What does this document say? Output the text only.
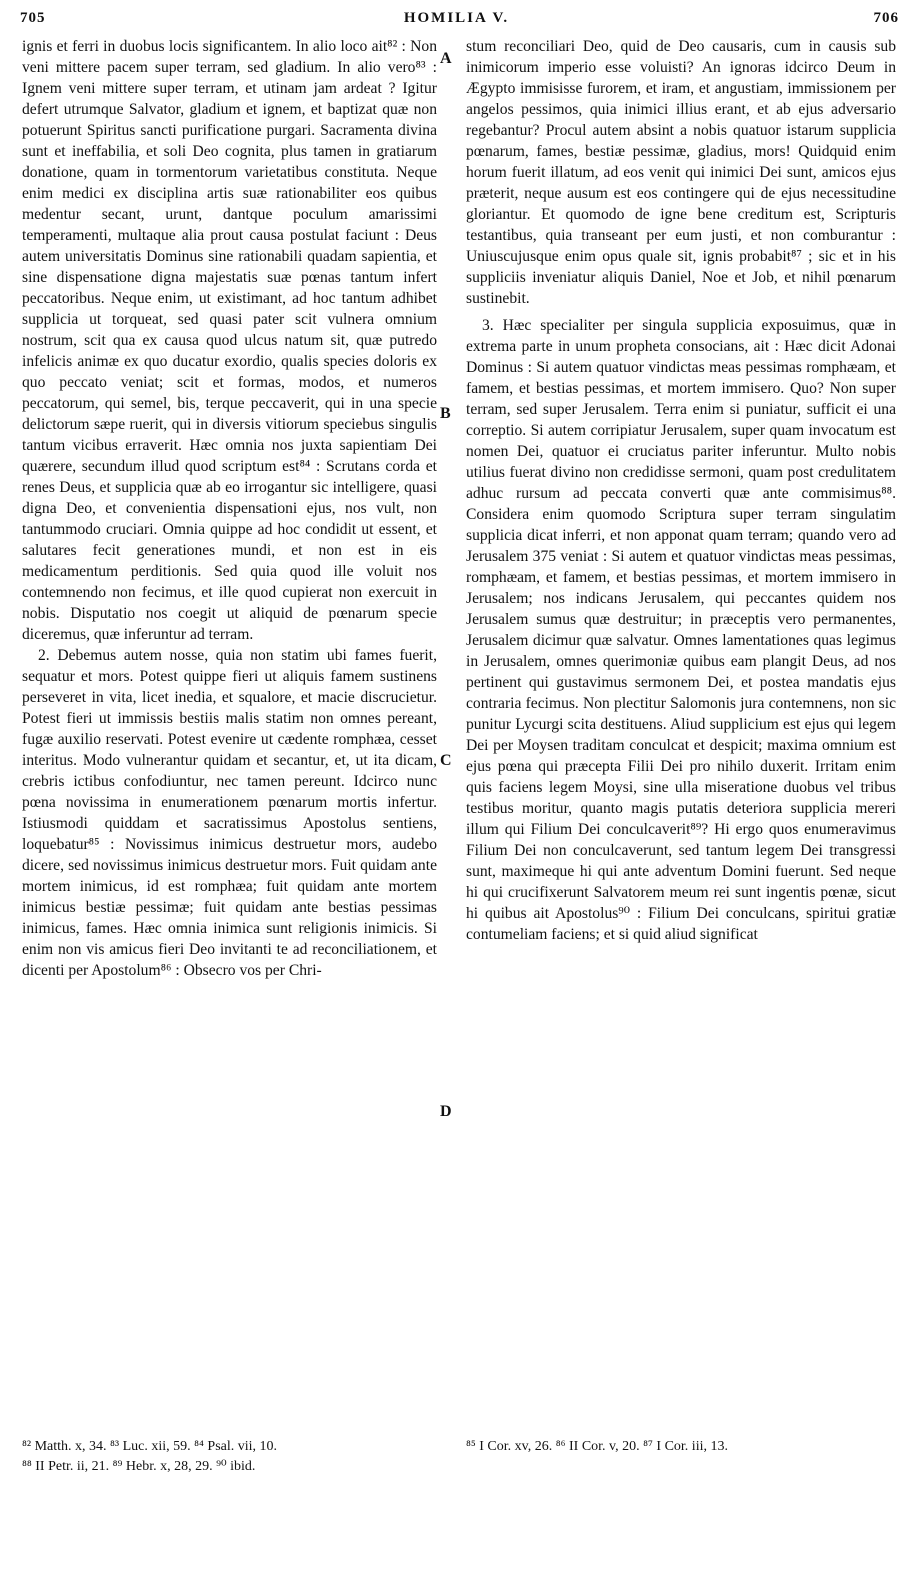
705	HOMILIA V.	706

ignis et ferri in duobus locis significantem. In alio loco ait⁸² : Non veni mittere pacem super terram, sed gladium. In alio vero⁸³ : Ignem veni mittere super terram, et utinam jam ardeat ? Igitur defert utrumque Salvator, gladium et ignem, et baptizat quæ non potuerunt Spiritus sancti purificatione purgari. Sacramenta divina sunt et ineffabilia, et soli Deo cognita, plus tamen in gratiarum donatione, quam in tormentorum varietatibus constituta. Neque enim medici ex disciplina artis suæ rationabiliter eos quibus medentur secant, urunt, dantque poculum amarissimi temperamenti, multaque alia prout causa postulat faciunt : Deus autem universitatis Dominus sine rationabili quadam sapientia, et sine dispensatione digna majestatis suæ pœnas tantum infert peccatoribus. Neque enim, ut existimant, ad hoc tantum adhibet supplicia ut torqueat, sed quasi pater scit vulnera omnium nostrum, scit qua ex causa quod ulcus natum sit, quæ putredo infelicis animæ ex quo ducatur exordio, qualis species doloris ex quo peccato veniat; scit et formas, modos, et numeros peccatorum, qui semel, bis, terque peccaverit, qui in una specie delictorum sæpe ruerit, qui in diversis vitiorum speciebus singulis tantum vicibus erraverit. Hæc omnia nos juxta sapientiam Dei quærere, secundum illud quod scriptum est⁸⁴ : Scrutans corda et renes Deus, et supplicia quæ ab eo irrogantur sic intelligere, quasi digna Deo, et convenientia dispensationi ejus, nos vult, non tantummodo cruciari. Omnia quippe ad hoc condidit ut essent, et salutares fecit generationes mundi, et non est in eis medicamentum perditionis. Sed quia quod ille voluit nos contemnendo non fecimus, et ille quod cupierat non exercuit in nobis. Disputatio nos coegit ut aliquid de pœnarum specie diceremus, quæ inferuntur ad terram.

2. Debemus autem nosse, quia non statim ubi fames fuerit, sequatur et mors. Potest quippe fieri ut aliquis famem sustinens perseveret in vita, licet inedia, et squalore, et macie discrucietur. Potest fieri ut immissis bestiis malis statim non omnes pereant, fugæ auxilio reservati. Potest evenire ut cædente romphæa, cesset interitus. Modo vulnerantur quidam et secantur, et, ut ita dicam, crebris ictibus confodiuntur, nec tamen pereunt. Idcirco nunc pœna novissima in enumerationem pœnarum mortis infertur. Istiusmodi quiddam et sacratissimus Apostolus sentiens, loquebatur⁸⁵ : Novissimus inimicus destruetur mors, audebo dicere, sed novissimus inimicus destruetur mors. Fuit quidam ante mortem inimicus, id est romphæa; fuit quidam ante mortem inimicus bestiæ pessimæ; fuit quidam ante bestias pessimas inimicus, fames. Hæc omnia inimica sunt religionis inimicis. Si enim non vis amicus fieri Deo invitanti te ad reconciliationem, et dicenti per Apostolum⁸⁶ : Obsecro vos per Chri-

A
B
C
D

stum reconciliari Deo, quid de Deo causaris, cum in causis sub inimicorum imperio esse voluisti? An ignoras idcirco Deum in Ægypto immisisse furorem, et iram, et angustiam, immissionem per angelos pessimos, quia inimici illius erant, et ab ejus adversario regebantur? Procul autem absint a nobis quatuor istarum supplicia pœnarum, fames, bestiæ pessimæ, gladius, mors! Quidquid enim horum fuerit illatum, ad eos venit qui inimici Dei sunt, amicos ejus præterit, neque ausum est eos contingere qui de ejus necessitudine gloriantur. Et quomodo de igne bene creditum est, Scripturis testantibus, quia transeant per eum justi, et non comburantur : Uniuscujusque enim opus quale sit, ignis probabit⁸⁷ ; sic et in his suppliciis inveniatur aliquis Daniel, Noe et Job, et nihil pœnarum sustinebit.

3. Hæc specialiter per singula supplicia exposuimus, quæ in extrema parte in unum propheta consocians, ait : Hæc dicit Adonai Dominus : Si autem quatuor vindictas meas pessimas romphæam, et famem, et bestias pessimas, et mortem immisero. Quo? Non super terram, sed super Jerusalem. Terra enim si puniatur, sufficit ei una correptio. Si autem corripiatur Jerusalem, super quam invocatum est nomen Dei, quatuor ei cruciatus pariter inferuntur. Multo nobis utilius fuerat divino non credidisse sermoni, quam post credulitatem adhuc rursum ad peccata converti quæ ante commisimus⁸⁸. Considera enim quomodo Scriptura super terram singulatim supplicia dicat inferri, et non apponat quam terram; quando vero ad Jerusalem 375 veniat : Si autem et quatuor vindictas meas pessimas, romphæam, et famem, et bestias pessimas, et mortem immisero in Jerusalem; nos indicans Jerusalem, qui peccantes quidem nos Jerusalem sumus quæ destruitur; in præceptis vero permanentes, Jerusalem dicimur quæ salvatur. Omnes lamentationes quas legimus in Jerusalem, omnes querimoniæ quibus eam plangit Deus, ad nos pertinent qui gustavimus sermonem Dei, et postea mandatis ejus contraria fecimus. Non plectitur Salomonis jura contemnens, non sic punitur Lycurgi scita destituens. Aliud supplicium est ejus qui legem Dei per Moysen traditam conculcat et despicit; maxima omnium est ejus pœna qui præcepta Filii Dei pro nihilo duxerit. Irritam enim quis faciens legem Moysi, sine ulla miseratione duobus vel tribus testibus moritur, quanto magis putatis deteriora supplicia mereri illum qui Filium Dei conculcaverit⁸⁹? Hi ergo quos enumeravimus Filium Dei non conculcaverunt, sed tantum legem Dei transgressi sunt, maximeque hi qui ante adventum Domini fuerunt. Sed neque hi qui crucifixerunt Salvatorem meum rei sunt ingentis pœnæ, sicut hi quibus ait Apostolus⁹⁰ : Filium Dei conculcans, spiritui gratiæ contumeliam faciens; et si quid aliud significat

⁸² Matth. x, 34. ⁸³ Luc. xii, 59. ⁸⁴ Psal. vii, 10.
⁸⁸ II Petr. ii, 21. ⁸⁹ Hebr. x, 28, 29. ⁹⁰ ibid.
⁸⁵ I Cor. xv, 26. ⁸⁶ II Cor. v, 20. ⁸⁷ I Cor. iii, 13.
